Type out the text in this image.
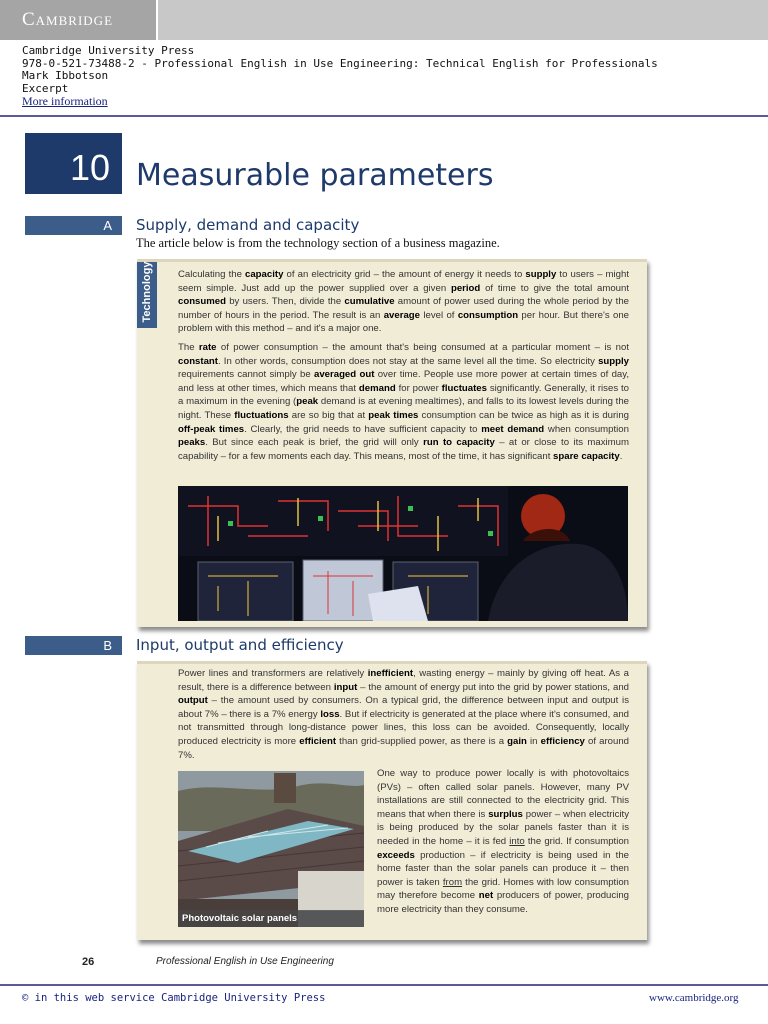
Cambridge
Cambridge University Press
978-0-521-73488-2 - Professional English in Use Engineering: Technical English for Professionals
Mark Ibbotson
Excerpt
More information
10 Measurable parameters
A	Supply, demand and capacity
The article below is from the technology section of a business magazine.
Technology	Calculating the capacity of an electricity grid – the amount of energy it needs to supply to users – might seem simple. Just add up the power supplied over a given period of time to give the total amount consumed by users. Then, divide the cumulative amount of power used during the whole period by the number of hours in the period. The result is an average level of consumption per hour. But there's one problem with this method – and it's a major one.

The rate of power consumption – the amount that's being consumed at a particular moment – is not constant. In other words, consumption does not stay at the same level all the time. So electricity supply requirements cannot simply be averaged out over time. People use more power at certain times of day, and less at other times, which means that demand for power fluctuates significantly. Generally, it rises to a maximum in the evening (peak demand is at evening mealtimes), and falls to its lowest levels during the night. These fluctuations are so big that at peak times consumption can be twice as high as it is during off-peak times. Clearly, the grid needs to have sufficient capacity to meet demand when consumption peaks. But since each peak is brief, the grid will only run to capacity – at or close to its maximum capability – for a few moments each day. This means, most of the time, it has significant spare capacity.

B	Input, output and efficiency

Power lines and transformers are relatively inefficient, wasting energy – mainly by giving off heat. As a result, there is a difference between input – the amount of energy put into the grid by power stations, and output – the amount used by consumers. On a typical grid, the difference between input and output is about 7% – there is a 7% energy loss. But if electricity is generated at the place where it's consumed, and not transmitted through long-distance power lines, this loss can be avoided. Consequently, locally produced electricity is more efficient than grid-supplied power, as there is a gain in efficiency of around 7%.

Photovoltaic solar panels

One way to produce power locally is with photovoltaics (PVs) – often called solar panels. However, many PV installations are still connected to the electricity grid. This means that when there is surplus power – when electricity is being produced by the solar panels faster than it is needed in the home – it is fed into the grid. If consumption exceeds production – if electricity is being used in the home faster than the solar panels can produce it – then power is taken from the grid. Homes with low consumption may therefore become net producers of power, producing more electricity than they consume.

26	Professional English in Use Engineering
© in this web service Cambridge University Press	www.cambridge.org
